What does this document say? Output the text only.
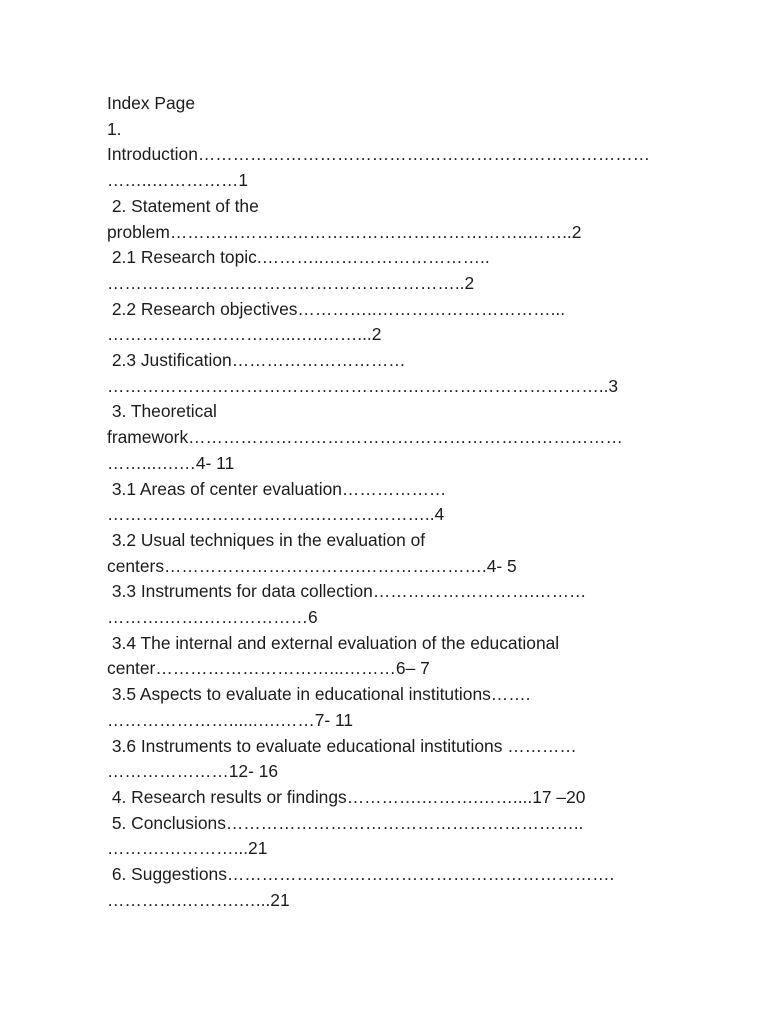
Index Page
1.
Introduction……………………………………………………………………
……..……………1
2. Statement of the
problem……………………………………………………..……..2
2.1 Research topic.………..………………………..
……………………………………………………..2
2.2 Research objectives…………..…………………………...
…………………………...…..……...2
2.3 Justification…………………………
…………………………………………….……………………………..3
3. Theoretical
framework…………………………………………………………………
……...….…4- 11
3.1 Areas of center evaluation………………
……………………………….………………..4
3.2 Usual techniques in the evaluation of
centers…………………………….………………….4- 5
3.3 Instruments for data collection……………………….………
……….…….………………6
3.4 The internal and external evaluation of the educational
center…………………………...………6– 7
3.5 Aspects to evaluate in educational institutions…….
…………………......….……7- 11
3.6 Instruments to evaluate educational institutions …………
…………………12- 16
4. Research results or findings………….……….……....17 –20
5. Conclusions……………………………………………………..
……….…………...21
6. Suggestions………………………………………………………….
………….……….…...21
